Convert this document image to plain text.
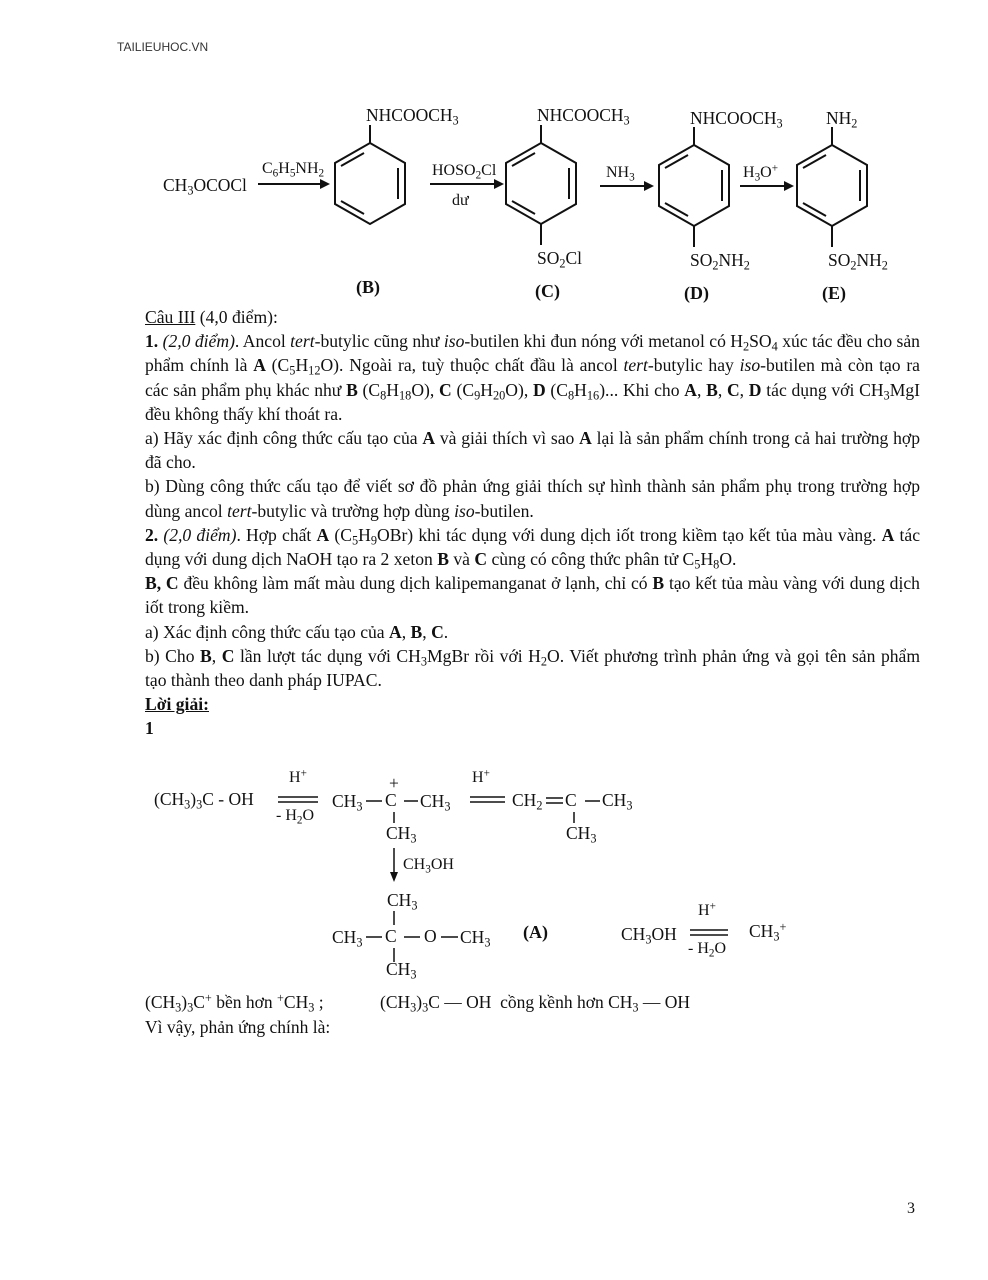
TAILIEUHOC.VN
$CH_3OCOCl$
$C_6H_5NH_2$
$NHCOOCH_3$
$HOSO_2Cl$
dư
$NHCOOCH_3$
$SO_2Cl$
$NH_3$
$NHCOOCH_3$
$SO_2NH_2$
$H_3O^+$
$NH_2$
$SO_2NH_2$
(B)	(C)	(D)	(E)

Câu III (4,0 điểm):

1. (2,0 điểm). Ancol tert-butylic cũng như iso-butilen khi đun nóng với metanol có $H_2SO_4$ xúc tác đều cho sản phẩm chính là A $(C_5H_{12}O)$. Ngoài ra, tuỳ thuộc chất đầu là ancol tert-butylic hay iso-butilen mà còn tạo ra các sản phẩm phụ khác như B $(C_8H_{18}O)$, C $(C_9H_{20}O)$, D $(C_8H_{16})$... Khi cho A, B, C, D tác dụng với $CH_3MgI$ đều không thấy khí thoát ra.

a) Hãy xác định công thức cấu tạo của A và giải thích vì sao A lại là sản phẩm chính trong cả hai trường hợp đã cho.

b) Dùng công thức cấu tạo để viết sơ đồ phản ứng giải thích sự hình thành sản phẩm phụ trong trường hợp dùng ancol tert-butylic và trường hợp dùng iso-butilen.

2. (2,0 điểm). Hợp chất A $(C_5H_9OBr)$ khi tác dụng với dung dịch iốt trong kiềm tạo kết tủa màu vàng. A tác dụng với dung dịch NaOH tạo ra 2 xeton B và C cùng có công thức phân tử $C_5H_8O$.

B, C đều không làm mất màu dung dịch kalipemanganat ở lạnh, chỉ có B tạo kết tủa màu vàng với dung dịch iốt trong kiềm.

a) Xác định công thức cấu tạo của A, B, C.

b) Cho B, C lần lượt tác dụng với $CH_3MgBr$ rồi với $H_2O$. Viết phương trình phản ứng và gọi tên sản phẩm tạo thành theo danh pháp IUPAC.

Lời giải:

1

$(CH_3)_3C$ - OH
H+
- $H_2O$
$CH_3$
+
C $CH_3$
$CH_3$
H+
$CH_2$ C $CH_3$
$CH_3$
$CH_3OH$
$CH_3$
$CH_3$ C O $CH_3$
$CH_3$
(A)	$CH_3OH$
H+
- $H_2O$
$CH_3^+$
$(CH_3)_3C^+$ bền hơn $^+CH_3$ ;	$(CH_3)_3C$ — OH  cồng kềnh hơn $CH_3$ — OH
Vì vậy, phản ứng chính là:
3
